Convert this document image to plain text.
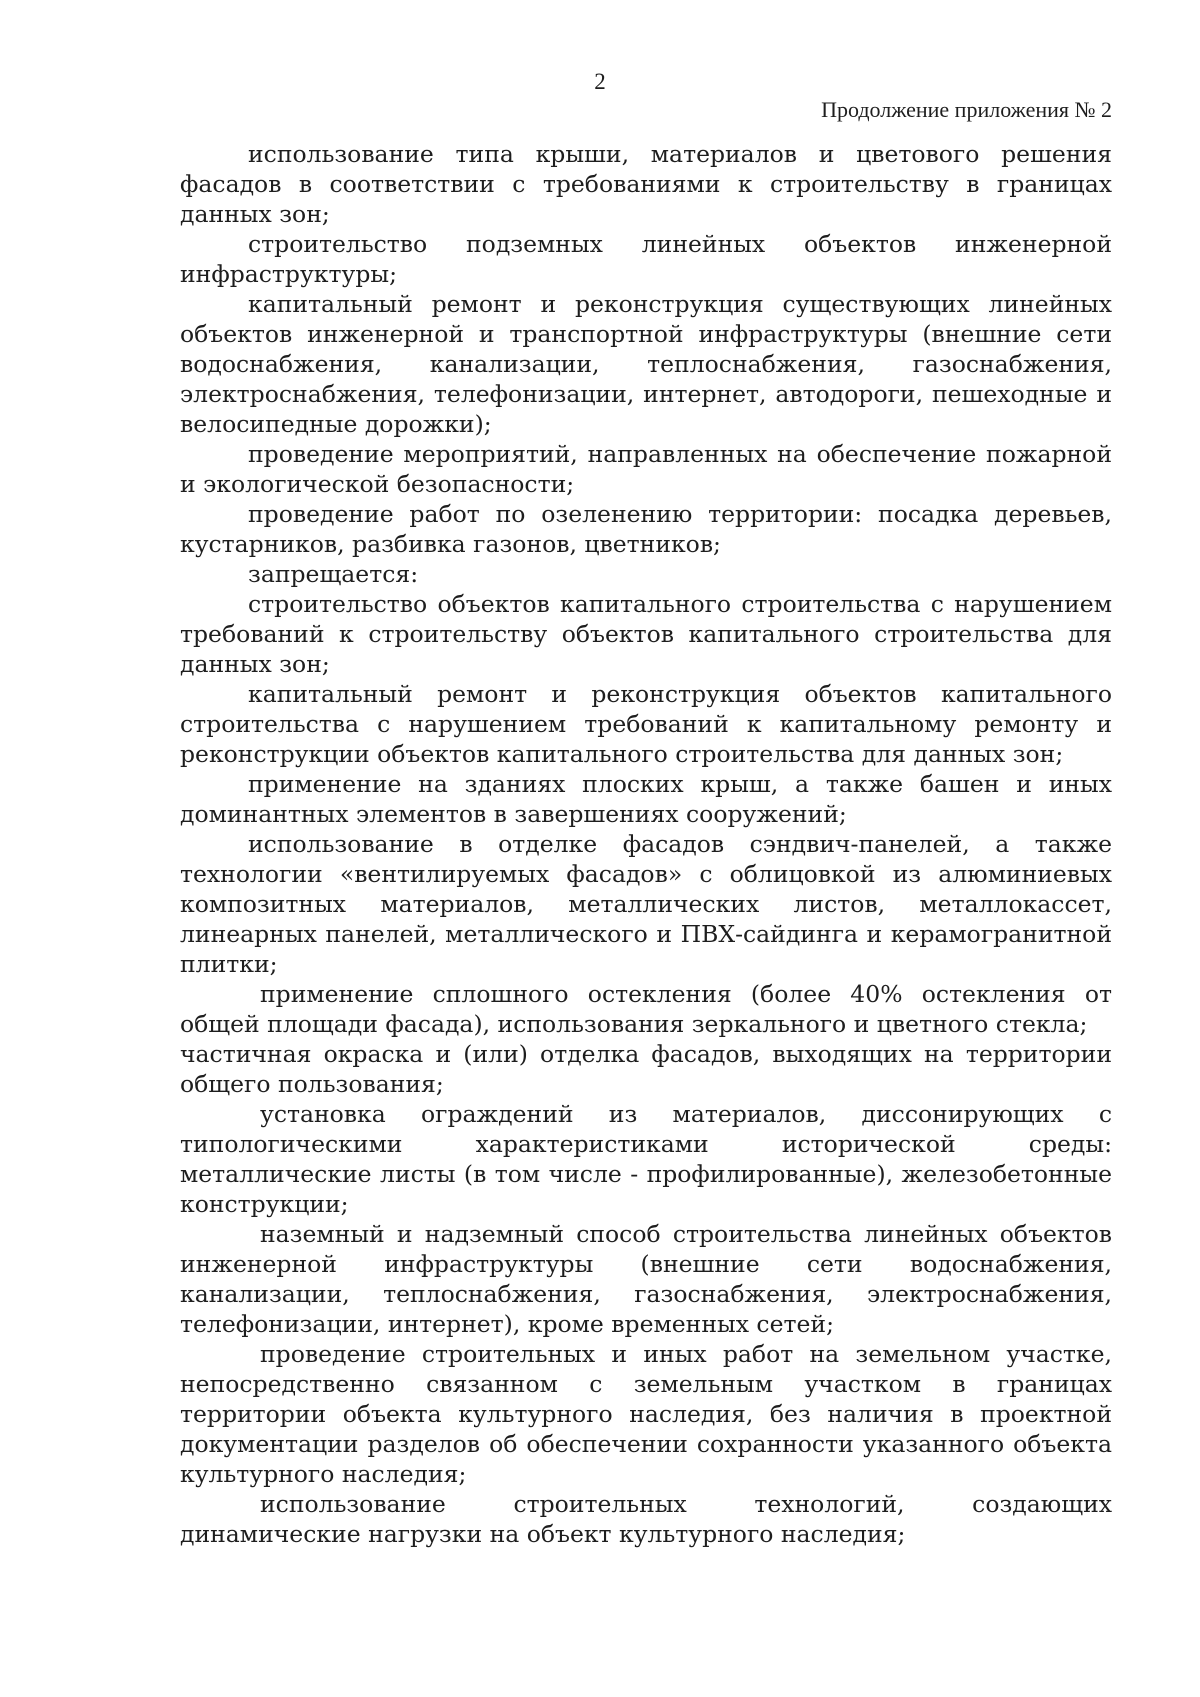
2
Продолжение приложения № 2

использование типа крыши, материалов и цветового решения фасадов в соответствии с требованиями к строительству в границах данных зон;

строительство подземных линейных объектов инженерной инфраструктуры;

капитальный ремонт и реконструкция существующих линейных объектов инженерной и транспортной инфраструктуры (внешние сети водоснабжения, канализации, теплоснабжения, газоснабжения, электроснабжения, телефонизации, интернет, автодороги, пешеходные и велосипедные дорожки);

проведение мероприятий, направленных на обеспечение пожарной и экологической безопасности;

проведение работ по озеленению территории: посадка деревьев, кустарников, разбивка газонов, цветников;

запрещается:

строительство объектов капитального строительства с нарушением требований к строительству объектов капитального строительства для данных зон;

капитальный ремонт и реконструкция объектов капитального строительства с нарушением требований к капитальному ремонту и реконструкции объектов капитального строительства для данных зон;

применение на зданиях плоских крыш, а также башен и иных доминантных элементов в завершениях сооружений;

использование в отделке фасадов сэндвич-панелей, а также технологии «вентилируемых фасадов» с облицовкой из алюминиевых композитных материалов, металлических листов, металлокассет, линеарных панелей, металлического и ПВХ-сайдинга и керамогранитной плитки;

применение сплошного остекления (более 40% остекления от общей площади фасада), использования зеркального и цветного стекла;

частичная окраска и (или) отделка фасадов, выходящих на территории общего пользования;

установка ограждений из материалов, диссонирующих с типологическими характеристиками исторической среды: металлические листы (в том числе - профилированные), железобетонные конструкции;

наземный и надземный способ строительства линейных объектов инженерной инфраструктуры (внешние сети водоснабжения, канализации, теплоснабжения, газоснабжения, электроснабжения, телефонизации, интернет), кроме временных сетей;

проведение строительных и иных работ на земельном участке, непосредственно связанном с земельным участком в границах территории объекта культурного наследия, без наличия в проектной документации разделов об обеспечении сохранности указанного объекта культурного наследия;

использование строительных технологий, создающих динамические нагрузки на объект культурного наследия;
